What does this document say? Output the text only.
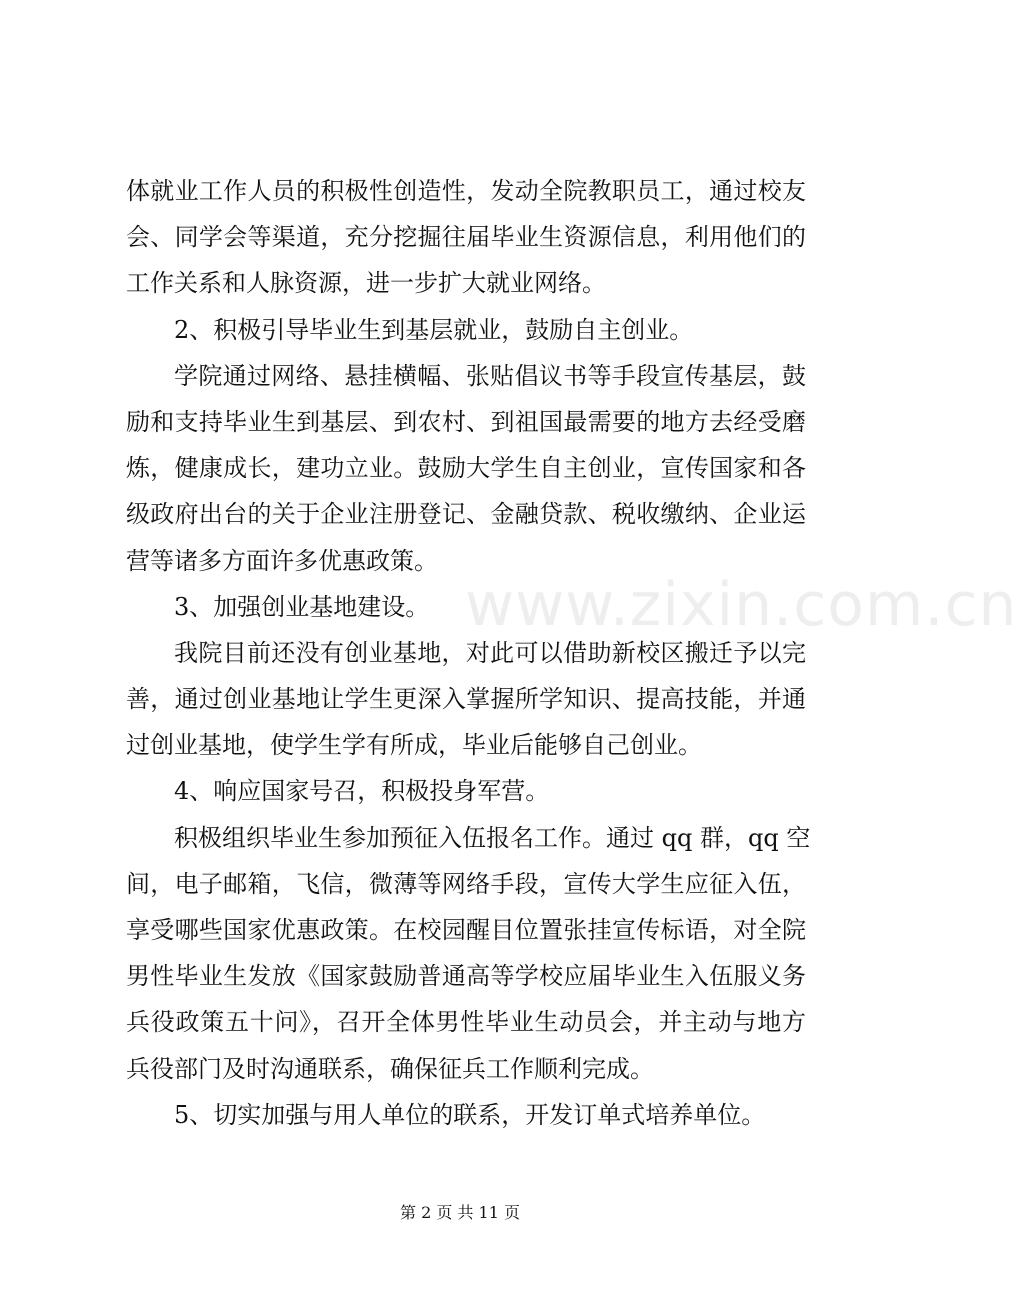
www.zixin.com.cn
体就业工作人员的积极性创造性，发动全院教职员工，通过校友
会、同学会等渠道，充分挖掘往届毕业生资源信息，利用他们的
工作关系和人脉资源，进一步扩大就业网络。
2、积极引导毕业生到基层就业，鼓励自主创业。
学院通过网络、悬挂横幅、张贴倡议书等手段宣传基层，鼓
励和支持毕业生到基层、到农村、到祖国最需要的地方去经受磨
炼，健康成长，建功立业。鼓励大学生自主创业，宣传国家和各
级政府出台的关于企业注册登记、金融贷款、税收缴纳、企业运
营等诸多方面许多优惠政策。
3、加强创业基地建设。
我院目前还没有创业基地，对此可以借助新校区搬迁予以完
善，通过创业基地让学生更深入掌握所学知识、提高技能，并通
过创业基地，使学生学有所成，毕业后能够自己创业。
4、响应国家号召，积极投身军营。
积极组织毕业生参加预征入伍报名工作。通过 qq 群，qq 空
间，电子邮箱，飞信，微薄等网络手段，宣传大学生应征入伍，
享受哪些国家优惠政策。在校园醒目位置张挂宣传标语，对全院
男性毕业生发放《国家鼓励普通高等学校应届毕业生入伍服义务
兵役政策五十问》，召开全体男性毕业生动员会，并主动与地方
兵役部门及时沟通联系，确保征兵工作顺利完成。
5、切实加强与用人单位的联系，开发订单式培养单位。
第 2 页 共 11 页
